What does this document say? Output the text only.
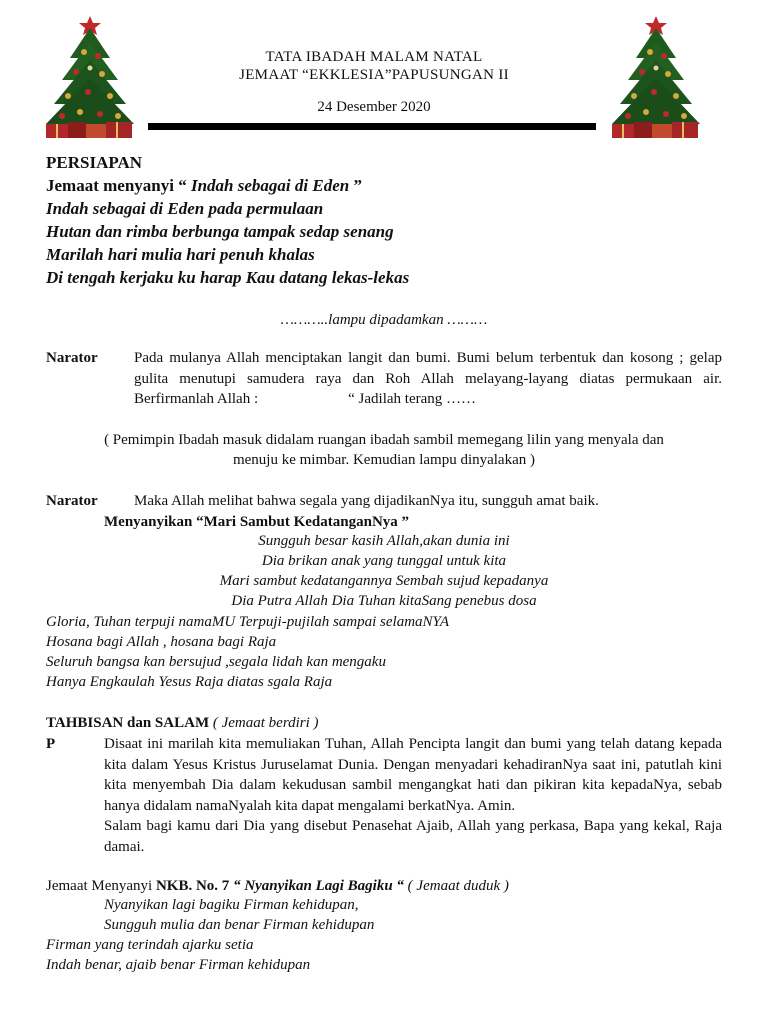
TATA IBADAH MALAM NATAL
JEMAAT “EKKLESIA”PAPUSUNGAN II
24 Desember 2020
PERSIAPAN
Jemaat menyanyi “ Indah sebagai di Eden ”
Indah sebagai di Eden pada permulaan
Hutan dan rimba berbunga tampak sedap senang
Marilah hari mulia hari penuh khalas
Di tengah kerjaku ku harap Kau datang lekas-lekas
………..lampu dipadamkan ………
Narator Pada mulanya Allah menciptakan langit dan bumi. Bumi belum terbentuk dan kosong ; gelap gulita menutupi samudera raya dan Roh Allah melayang-layang diatas permukaan air. Berfirmanlah Allah :	“ Jadilah terang ……
( Pemimpin Ibadah masuk didalam ruangan ibadah sambil memegang lilin yang menyala dan
menuju ke mimbar. Kemudian lampu dinyalakan )
Narator Maka Allah melihat bahwa segala yang dijadikanNya itu, sungguh amat baik.
Menyanyikan “Mari Sambut KedatanganNya ”
Sungguh besar kasih Allah,akan dunia ini
Dia brikan anak yang tunggal untuk kita
Mari sambut kedatangannya Sembah sujud kepadanya
Dia Putra Allah Dia Tuhan kitaSang penebus dosa
Gloria, Tuhan terpuji namaMU Terpuji-pujilah sampai selamaNYA
Hosana bagi Allah , hosana bagi Raja
Seluruh bangsa kan bersujud ,segala lidah kan mengaku
Hanya Engkaulah Yesus Raja diatas sgala Raja
TAHBISAN dan SALAM ( Jemaat berdiri )
P	Disaat ini marilah kita memuliakan Tuhan, Allah Pencipta langit dan bumi yang telah datang kepada kita dalam Yesus Kristus Juruselamat Dunia. Dengan menyadari kehadiranNya saat ini, patutlah kini kita menyembah Dia dalam kekudusan sambil mengangkat hati dan pikiran kita kepadaNya, sebab hanya didalam namaNyalah kita dapat mengalami berkatNya. Amin.

Salam bagi kamu dari Dia yang disebut Penasehat Ajaib, Allah yang perkasa, Bapa yang kekal, Raja damai.

Jemaat Menyanyi NKB. No. 7 “ Nyanyikan Lagi Bagiku “ ( Jemaat duduk )
Nyanyikan lagi bagiku Firman kehidupan,
Sungguh mulia dan benar Firman kehidupan
Firman yang terindah ajarku setia
Indah benar, ajaib benar Firman kehidupan
